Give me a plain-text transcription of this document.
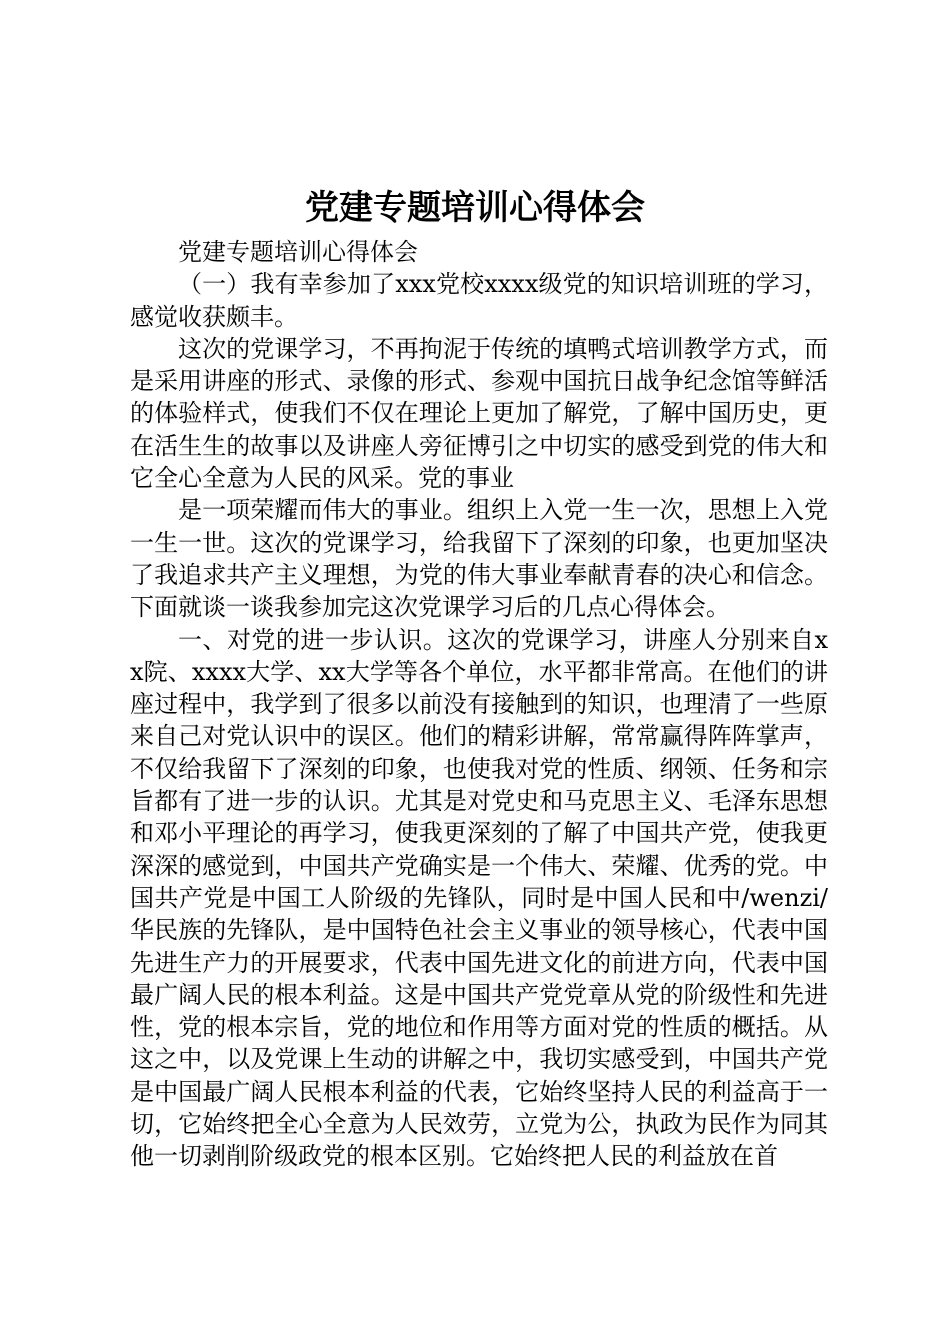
党建专题培训心得体会

党建专题培训心得体会

（一）我有幸参加了xxx党校xxxx级党的知识培训班的学习，感觉收获颇丰。

这次的党课学习，不再拘泥于传统的填鸭式培训教学方式，而是采用讲座的形式、录像的形式、参观中国抗日战争纪念馆等鲜活的体验样式，使我们不仅在理论上更加了解党，了解中国历史，更在活生生的故事以及讲座人旁征博引之中切实的感受到党的伟大和它全心全意为人民的风采。党的事业

是一项荣耀而伟大的事业。组织上入党一生一次，思想上入党一生一世。这次的党课学习，给我留下了深刻的印象，也更加坚决了我追求共产主义理想，为党的伟大事业奉献青春的决心和信念。下面就谈一谈我参加完这次党课学习后的几点心得体会。

一、对党的进一步认识。这次的党课学习，讲座人分别来自xx院、xxxx大学、xx大学等各个单位，水平都非常高。在他们的讲座过程中，我学到了很多以前没有接触到的知识，也理清了一些原来自己对党认识中的误区。他们的精彩讲解，常常赢得阵阵掌声，不仅给我留下了深刻的印象，也使我对党的性质、纲领、任务和宗旨都有了进一步的认识。尤其是对党史和马克思主义、毛泽东思想和邓小平理论的再学习，使我更深刻的了解了中国共产党，使我更深深的感觉到，中国共产党确实是一个伟大、荣耀、优秀的党。中国共产党是中国工人阶级的先锋队，同时是中国人民和中/wenzi/华民族的先锋队，是中国特色社会主义事业的领导核心，代表中国先进生产力的开展要求，代表中国先进文化的前进方向，代表中国最广阔人民的根本利益。这是中国共产党党章从党的阶级性和先进性，党的根本宗旨，党的地位和作用等方面对党的性质的概括。从这之中，以及党课上生动的讲解之中，我切实感受到，中国共产党是中国最广阔人民根本利益的代表，它始终坚持人民的利益高于一切，它始终把全心全意为人民效劳，立党为公，执政为民作为同其他一切剥削阶级政党的根本区别。它始终把人民的利益放在首
